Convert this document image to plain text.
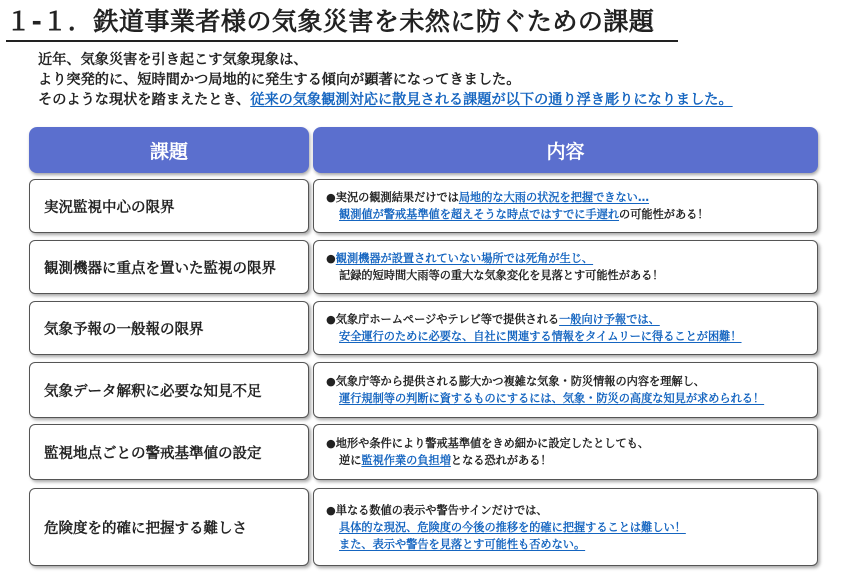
１-１．鉄道事業者様の気象災害を未然に防ぐための課題
近年、気象災害を引き起こす気象現象は、
より突発的に、短時間かつ局地的に発生する傾向が顕著になってきました。
そのような現状を踏まえたとき、従来の気象観測対応に散見される課題が以下の通り浮き彫りになりました。
課題	内容
実況監視中心の限界
●実況の観測結果だけでは局地的な大雨の状況を把握できない…
観測値が警戒基準値を超えそうな時点ではすでに手遅れの可能性がある！
観測機器に重点を置いた監視の限界
●観測機器が設置されていない場所では死角が生じ、
記録的短時間大雨等の重大な気象変化を見落とす可能性がある！
気象予報の一般報の限界
●気象庁ホームページやテレビ等で提供される一般向け予報では、
安全運行のために必要な、自社に関連する情報をタイムリーに得ることが困難！
気象データ解釈に必要な知見不足
●気象庁等から提供される膨大かつ複雑な気象・防災情報の内容を理解し、
運行規制等の判断に資するものにするには、気象・防災の高度な知見が求められる！
監視地点ごとの警戒基準値の設定
●地形や条件により警戒基準値をきめ細かに設定したとしても、
逆に監視作業の負担増となる恐れがある！
危険度を的確に把握する難しさ
●単なる数値の表示や警告サインだけでは、
具体的な現況、危険度の今後の推移を的確に把握することは難しい！
また、表示や警告を見落とす可能性も否めない。
